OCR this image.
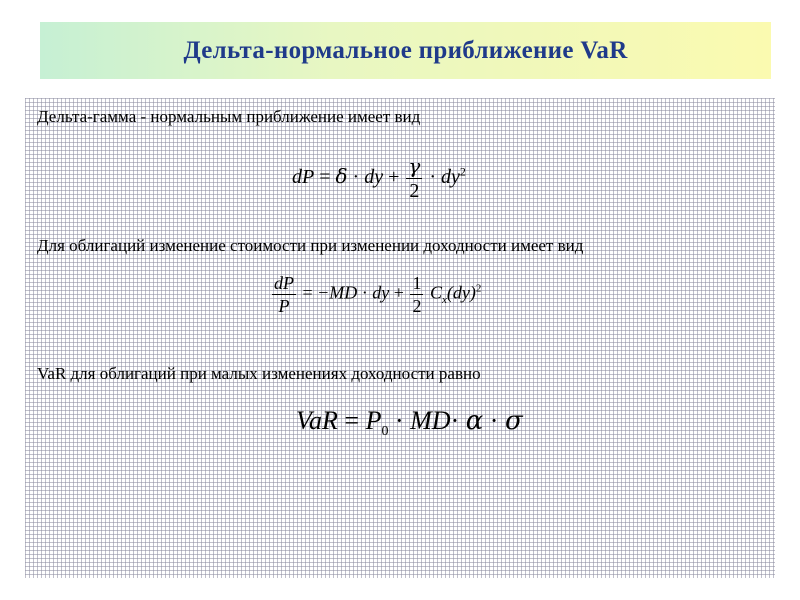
Дельта-нормальное приближение VaR
Дельта-гамма - нормальным приближение имеет вид
dP = δ · dy + $\frac{\gamma}{2} \cdot dy^2$
Для облигаций изменение стоимости при изменении доходности имеет вид
$\frac{dP}{P} = -MD$ · dy + $\frac{1}{2} C_x(dy)^2$
VaR для облигаций при малых изменениях доходности равно
VaR = $P_0 \cdot MD\cdot \alpha \cdot \sigma$
